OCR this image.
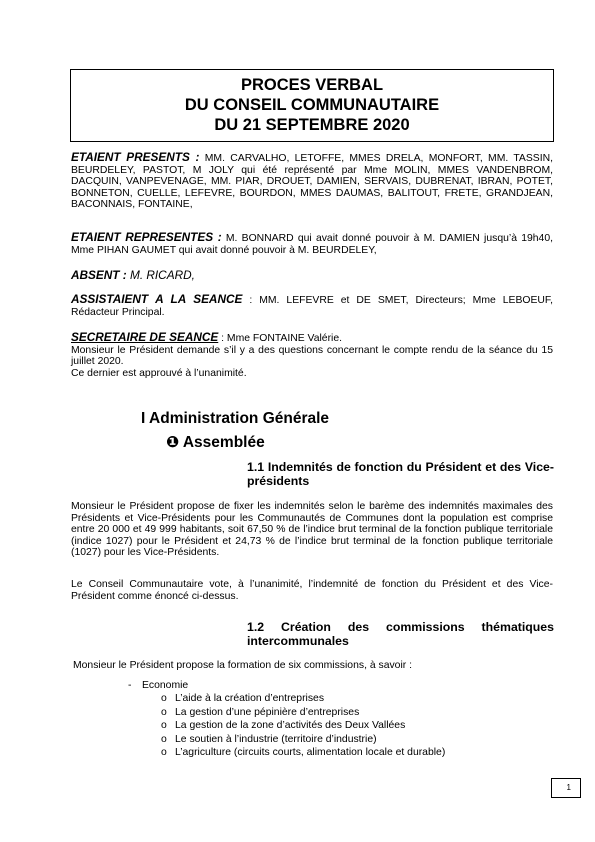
PROCES VERBAL
DU CONSEIL COMMUNAUTAIRE
DU 21 SEPTEMBRE 2020
ETAIENT PRESENTS : MM. CARVALHO, LETOFFE, MMES DRELA, MONFORT, MM. TASSIN, BEURDELEY, PASTOT, M JOLY qui été représenté par Mme MOLIN, MMES VANDENBROM, DACQUIN, VANPEVENAGE, MM. PIAR, DROUET, DAMIEN, SERVAIS, DUBRENAT, IBRAN, POTET, BONNETON, CUELLE, LEFEVRE, BOURDON, MMES DAUMAS, BALITOUT, FRETE, GRANDJEAN, BACONNAIS, FONTAINE,
ETAIENT REPRESENTES : M. BONNARD qui avait donné pouvoir à M. DAMIEN jusqu’à 19h40, Mme PIHAN GAUMET qui avait donné pouvoir à M. BEURDELEY,
ABSENT : M. RICARD,
ASSISTAIENT A LA SEANCE : MM. LEFEVRE et DE SMET, Directeurs; Mme LEBOEUF, Rédacteur Principal.
SECRETAIRE DE SEANCE : Mme FONTAINE Valérie.
Monsieur le Président demande s’il y a des questions concernant le compte rendu de la séance du 15 juillet 2020.
Ce dernier est approuvé à l’unanimité.
I Administration Générale
❶ Assemblée
1.1 Indemnités de fonction du Président et des Vice-présidents
Monsieur le Président propose de fixer les indemnités selon le barème des indemnités maximales des Présidents et Vice-Présidents pour les Communautés de Communes dont la population est comprise entre 20 000 et 49 999 habitants, soit 67,50 % de l’indice brut terminal de la fonction publique territoriale (indice 1027) pour le Président et 24,73 % de l’indice brut terminal de la fonction publique territoriale (1027) pour les Vice-Présidents.
Le Conseil Communautaire vote, à l’unanimité, l’indemnité de fonction du Président et des Vice-Président comme énoncé ci-dessus.
1.2 Création des commissions thématiques intercommunales
Monsieur le Président propose la formation de six commissions, à savoir :
- Economie
o L’aide à la création d’entreprises
o La gestion d’une pépinière d’entreprises
o La gestion de la zone d’activités des Deux Vallées
o Le soutien à l’industrie (territoire d’industrie)
o L’agriculture (circuits courts, alimentation locale et durable)
1
